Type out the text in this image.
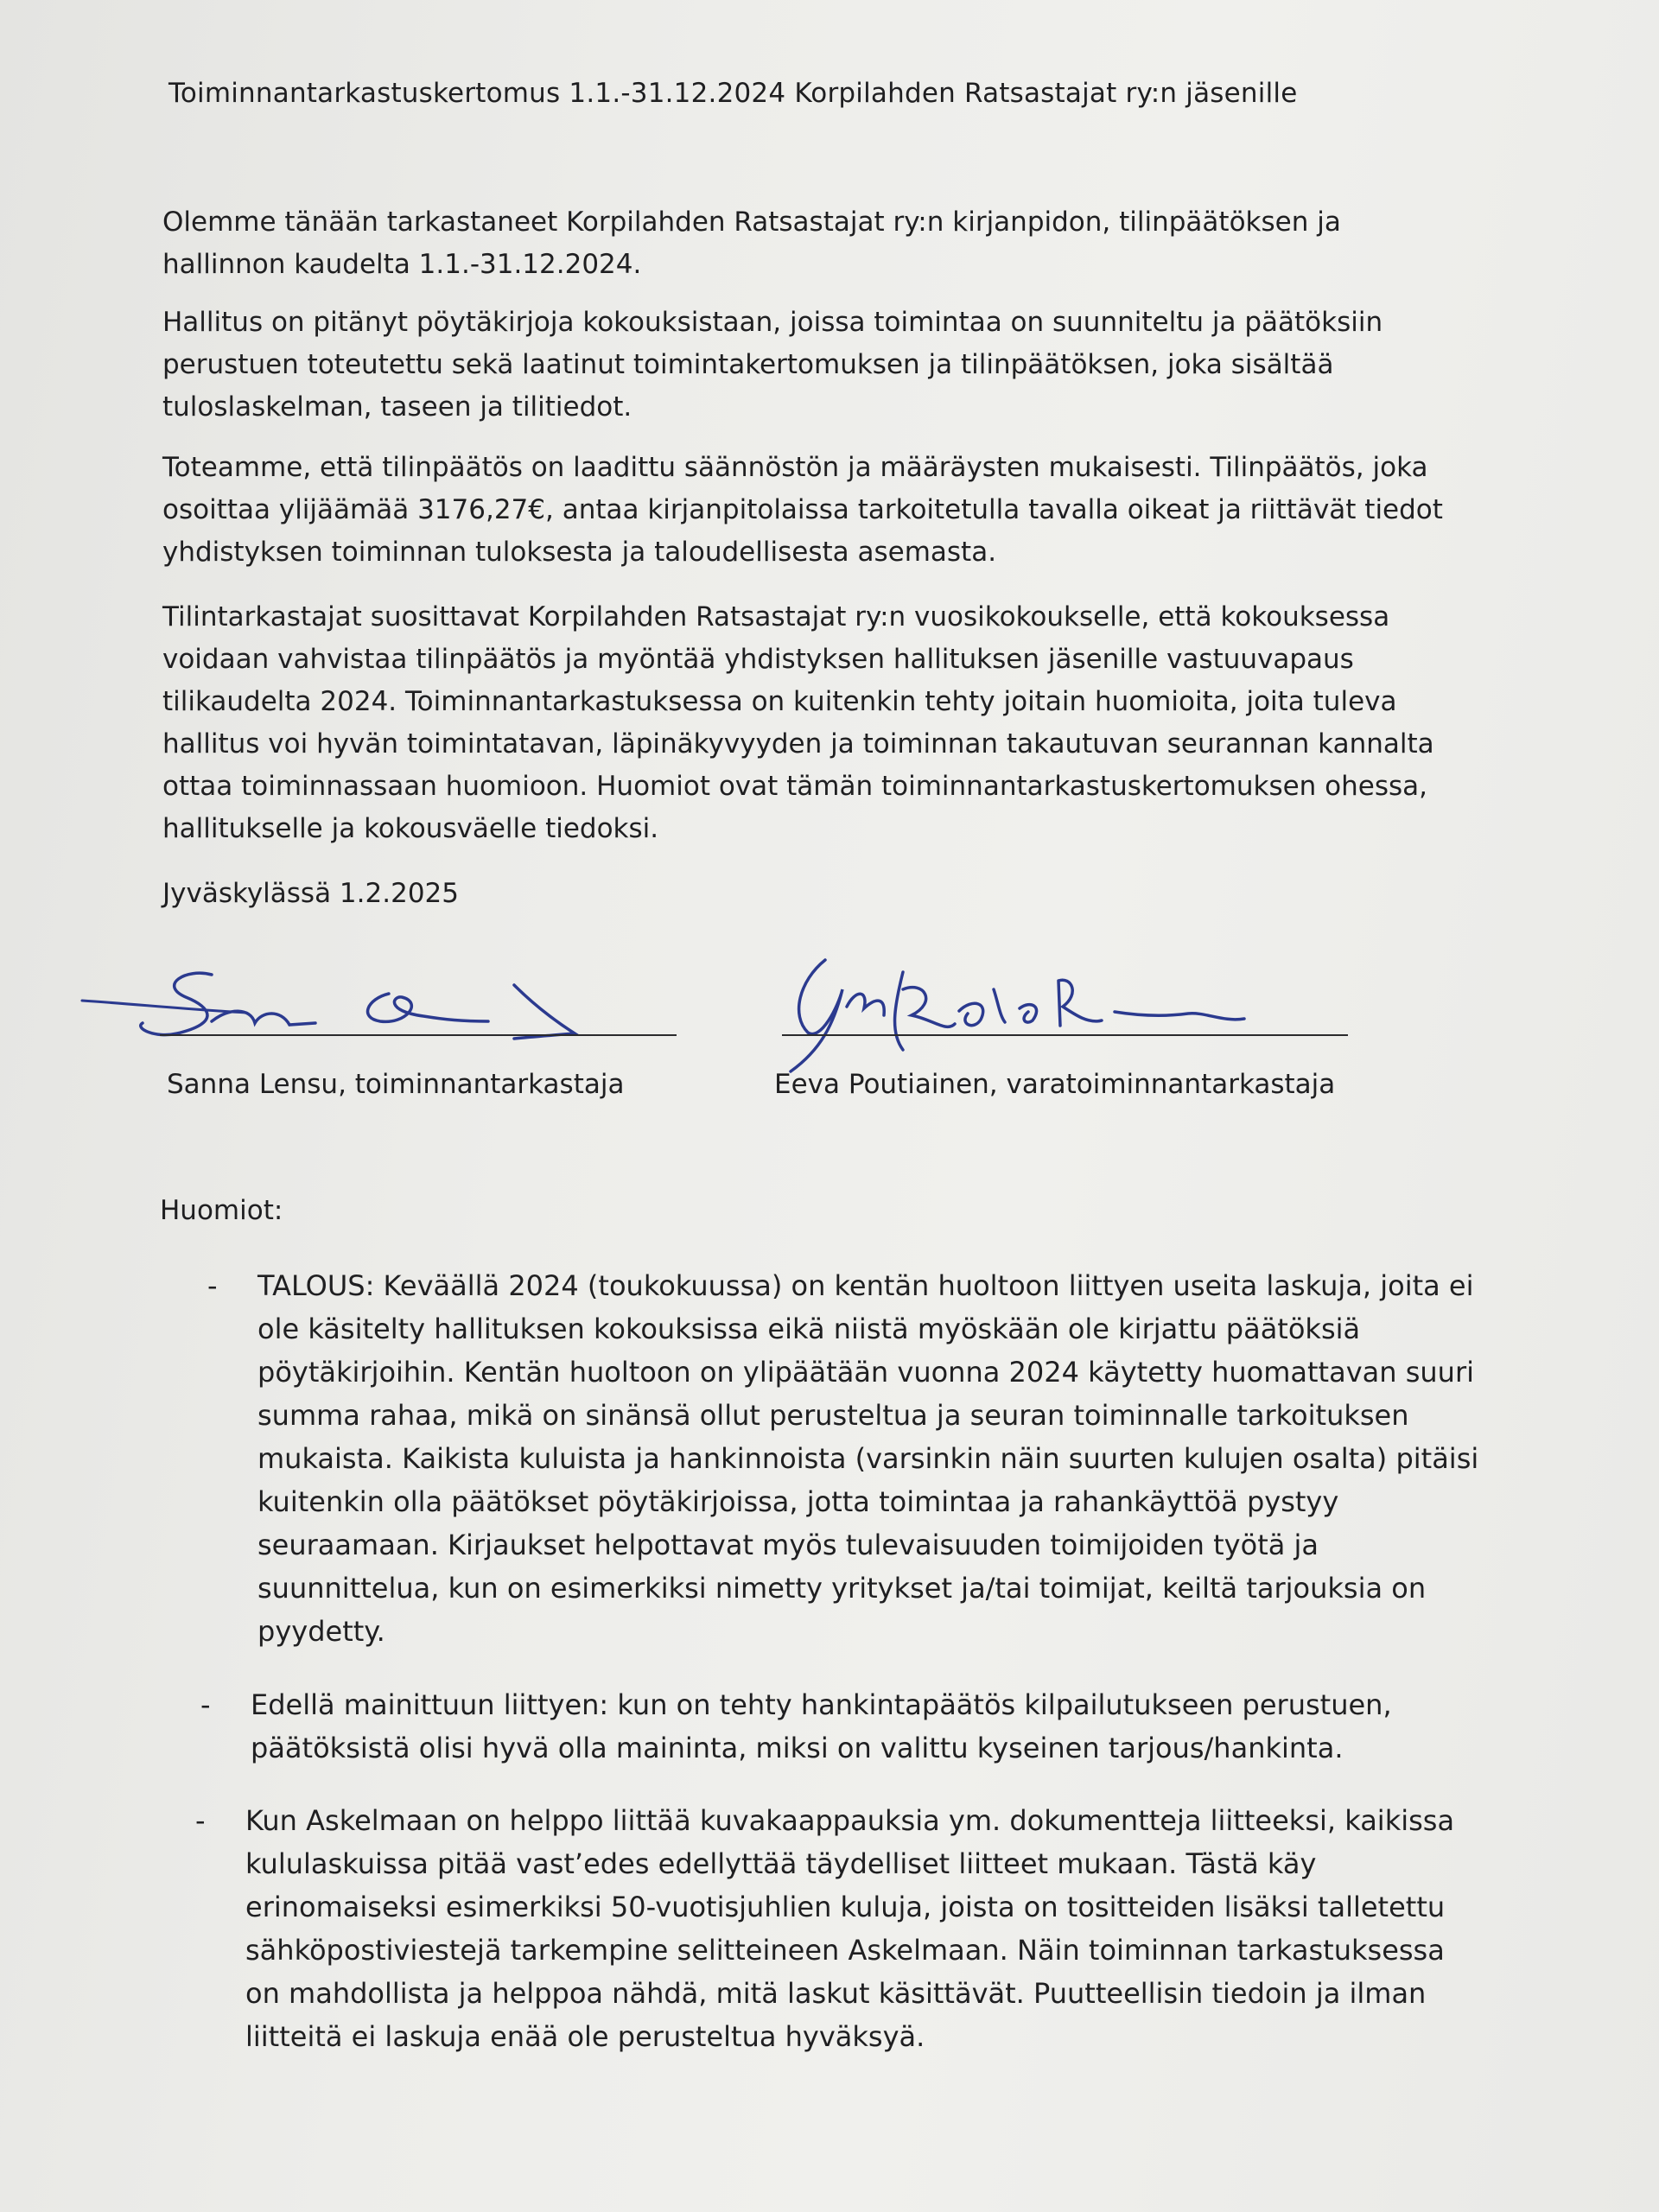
Toiminnantarkastuskertomus 1.1.-31.12.2024 Korpilahden Ratsastajat ry:n jäsenille

Olemme tänään tarkastaneet Korpilahden Ratsastajat ry:n kirjanpidon, tilinpäätöksen ja
hallinnon kaudelta 1.1.-31.12.2024.

Hallitus on pitänyt pöytäkirjoja kokouksistaan, joissa toimintaa on suunniteltu ja päätöksiin
perustuen toteutettu sekä laatinut toimintakertomuksen ja tilinpäätöksen, joka sisältää
tuloslaskelman, taseen ja tilitiedot.

Toteamme, että tilinpäätös on laadittu säännöstön ja määräysten mukaisesti. Tilinpäätös, joka
osoittaa ylijäämää 3176,27€, antaa kirjanpitolaissa tarkoitetulla tavalla oikeat ja riittävät tiedot
yhdistyksen toiminnan tuloksesta ja taloudellisesta asemasta.

Tilintarkastajat suosittavat Korpilahden Ratsastajat ry:n vuosikokoukselle, että kokouksessa
voidaan vahvistaa tilinpäätös ja myöntää yhdistyksen hallituksen jäsenille vastuuvapaus
tilikaudelta 2024. Toiminnantarkastuksessa on kuitenkin tehty joitain huomioita, joita tuleva
hallitus voi hyvän toimintatavan, läpinäkyvyyden ja toiminnan takautuvan seurannan kannalta
ottaa toiminnassaan huomioon. Huomiot ovat tämän toiminnantarkastuskertomuksen ohessa,
hallitukselle ja kokousväelle tiedoksi.

Jyväskylässä 1.2.2025

Sanna Lensu, toiminnantarkastaja	Eeva Poutiainen, varatoiminnantarkastaja
Huomiot:
- TALOUS: Keväällä 2024 (toukokuussa) on kentän huoltoon liittyen useita laskuja, joita ei
ole käsitelty hallituksen kokouksissa eikä niistä myöskään ole kirjattu päätöksiä
pöytäkirjoihin. Kentän huoltoon on ylipäätään vuonna 2024 käytetty huomattavan suuri
summa rahaa, mikä on sinänsä ollut perusteltua ja seuran toiminnalle tarkoituksen
mukaista. Kaikista kuluista ja hankinnoista (varsinkin näin suurten kulujen osalta) pitäisi
kuitenkin olla päätökset pöytäkirjoissa, jotta toimintaa ja rahankäyttöä pystyy
seuraamaan. Kirjaukset helpottavat myös tulevaisuuden toimijoiden työtä ja
suunnittelua, kun on esimerkiksi nimetty yritykset ja/tai toimijat, keiltä tarjouksia on
pyydetty.
- Edellä mainittuun liittyen: kun on tehty hankintapäätös kilpailutukseen perustuen,
päätöksistä olisi hyvä olla maininta, miksi on valittu kyseinen tarjous/hankinta.
- Kun Askelmaan on helppo liittää kuvakaappauksia ym. dokumentteja liitteeksi, kaikissa
kululaskuissa pitää vast’edes edellyttää täydelliset liitteet mukaan. Tästä käy
erinomaiseksi esimerkiksi 50-vuotisjuhlien kuluja, joista on tositteiden lisäksi talletettu
sähköpostiviestejä tarkempine selitteineen Askelmaan. Näin toiminnan tarkastuksessa
on mahdollista ja helppoa nähdä, mitä laskut käsittävät. Puutteellisin tiedoin ja ilman
liitteitä ei laskuja enää ole perusteltua hyväksyä.
